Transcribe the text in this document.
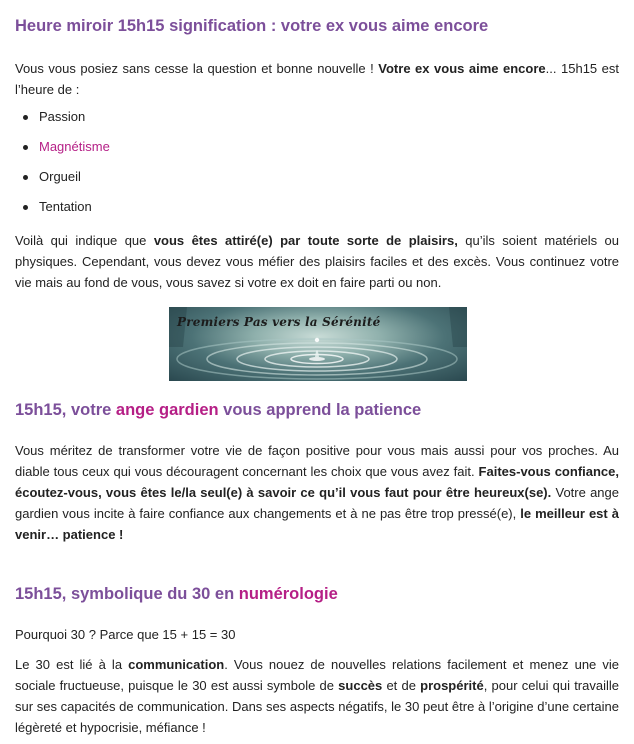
Heure miroir 15h15 signification : votre ex vous aime encore

Vous vous posiez sans cesse la question et bonne nouvelle ! Votre ex vous aime encore... 15h15 est l’heure de :

Passion
Magnétisme
Orgueil
Tentation

Voilà qui indique que vous êtes attiré(e) par toute sorte de plaisirs, qu’ils soient matériels ou physiques. Cependant, vous devez vous méfier des plaisirs faciles et des excès. Vous continuez votre vie mais au fond de vous, vous savez si votre ex doit en faire parti ou non.

Premiers Pas vers la Sérénité
15h15, votre ange gardien vous apprend la patience

Vous méritez de transformer votre vie de façon positive pour vous mais aussi pour vos proches. Au diable tous ceux qui vous découragent concernant les choix que vous avez fait. Faites-vous confiance, écoutez-vous, vous êtes le/la seul(e) à savoir ce qu’il vous faut pour être heureux(se). Votre ange gardien vous incite à faire confiance aux changements et à ne pas être trop pressé(e), le meilleur est à venir… patience !

15h15, symbolique du 30 en numérologie

Pourquoi 30 ? Parce que 15 + 15 = 30

Le 30 est lié à la communication. Vous nouez de nouvelles relations facilement et menez une vie sociale fructueuse, puisque le 30 est aussi symbole de succès et de prospérité, pour celui qui travaille sur ses capacités de communication. Dans ses aspects négatifs, le 30 peut être à l’origine d’une certaine légèreté et hypocrisie, méfiance !
